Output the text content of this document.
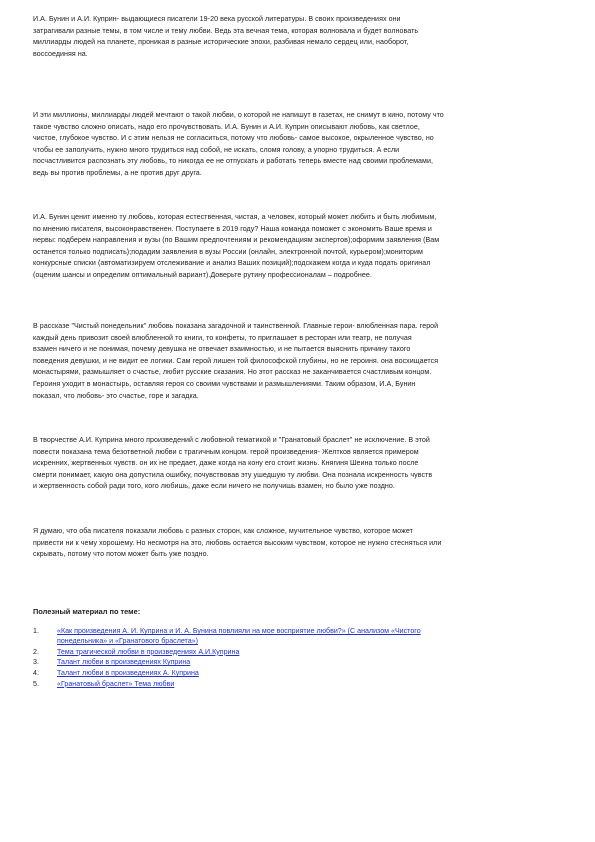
И.А. Бунин и А.И. Куприн- выдающиеся писатели 19-20 века русской литературы. В своих произведениях они
затрагивали разные темы, в том числе и тему любви. Ведь эта вечная тема, которая волновала и будет волновать
миллиарды людей на планете, проникая в разные исторические эпохи, разбивая немало сердец или, наоборот,
воссоединяя на.

И эти миллионы, миллиарды людей мечтают о такой любви, о которой не напишут в газетах, не снимут в кино, потому что
такое чувство сложно описать, надо его прочувствовать. И.А. Бунин и А.И. Куприн описывают любовь, как светлое,
чистое, глубокое чувство. И с этим нельзя не согласиться, потому что любовь- самое высокое, окрыленное чувство, но
чтобы ее заполучить, нужно много трудиться над собой, не искать, сломя голову, а упорно трудиться. А если
посчастливится распознать эту любовь, то никогда ее не отпускать и работать теперь вместе над своими проблемами,
ведь вы против проблемы, а не против друг друга.

И.А. Бунин ценит именно ту любовь, которая естественная, чистая, а человек, который может любить и быть любимым,
по мнению писателя, высоконравственен. Поступаете в 2019 году? Наша команда поможет с экономить Ваше время и
нервы: подберем направления и вузы (по Вашим предпочтениям и рекомендациям экспертов);оформим заявления (Вам
останется только подписать);подадим заявления в вузы России (онлайн, электронной почтой, курьером);мониторим
конкурсные списки (автоматизируем отслеживание и анализ Ваших позиций);подскажем когда и куда подать оригинал
(оценим шансы и определим оптимальный вариант).Доверьте рутину профессионалам – подробнее.

В рассказе "Чистый понедельник" любовь показана загадочной и таинственной. Главные герои- влюбленная пара. герой
каждый день привозит своей влюбленной то книги, то конфеты, то приглашает в ресторан или театр, не получая
взамен ничего и не понимая, почему девушка не отвечает взаимностью, и не пытается выяснить причину такого
поведения девушки, и не видит ее логики. Сам герой лишен той философской глубины, но не героиня. она восхищается
монастырями, размышляет о счастье, любит русские сказания. Но этот рассказ не заканчивается счастливым концом.
Героиня уходит в монастырь, оставляя героя со своими чувствами и размышлениями. Таким образом, И.А, Бунин
показал, что любовь- это счастье, горе и загадка.

В творчестве А.И. Куприна много произведений с любовной тематикой и "Гранатовый браслет" не исключение. В этой
повести показана тема безответной любви с трагичным концом. герой произведения- Желтков является примером
искренних, жертвенных чувств. он их не предает, даже когда на кону его стоит жизнь. Княгиня Шеина только после
смерти понимает, какую она допустила ошибку, почувствовав эту ушедшую ту любви. Она познала искренность чувств
и жертвенность собой ради того, кого любишь, даже если ничего не получишь взамен, но было уже поздно.

Я думаю, что оба писателя показали любовь с разных сторон, как сложное, мучительное чувство, которое может
привести ни к чему хорошему. Но несмотря на это, любовь остается высоким чувством, которое не нужно стесняться или
скрывать, потому что потом может быть уже поздно.

Полезный материал по теме:

1.	«Как произведения А. И. Куприна и И. А. Бунина повлияли на мое восприятие любви?» (С анализом «Чистого
понедельника» и «Гранатового браслета»)
2.	Тема трагической любви в произведениях А.И.Куприна
3.	Талант любви в произведениях Куприна
4.	Талант любви в произведениях А. Куприна
5.	«Гранатовый браслет» Тема любви
